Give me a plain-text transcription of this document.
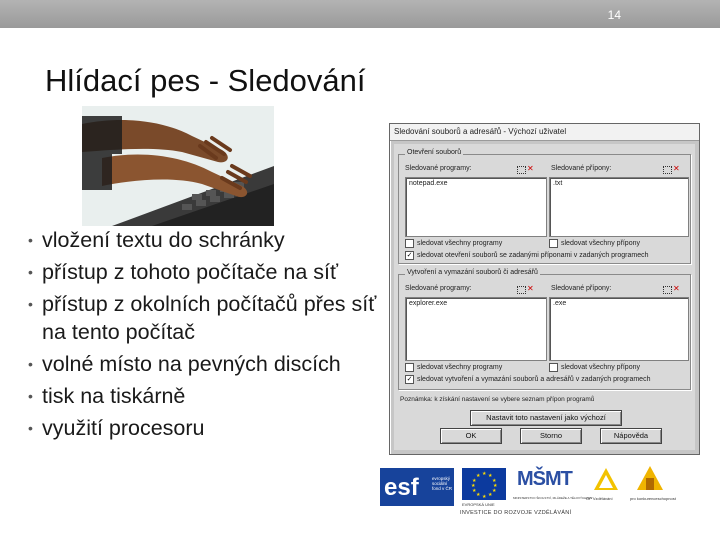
14
Hlídací pes - Sledování
• vložení textu do schránky
• přístup z tohoto počítače na síť
• přístup z okolních počítačů přes síť na tento počítač
• volné místo na pevných discích
• tisk na tiskárně
• využití procesoru
Sledování souborů a adresářů - Výchozí uživatel
Otevření souborů
Sledované programy:	✕ Sledované přípony:	✕
notepad.exe	.txt
sledovat všechny programy	sledovat všechny přípony
✓ sledovat otevření souborů se zadanými příponami v zadaných programech
Vytvoření a vymazání souborů či adresářů
Sledované programy:	✕ Sledované přípony:	✕
explorer.exe	.exe
sledovat všechny programy	sledovat všechny přípony
✓ sledovat vytvoření a vymazání souborů a adresářů v zadaných programech
Poznámka: k získání nastavení se vybere seznam přípon programů
Nastavit toto nastavení jako výchozí
OK	Storno	Nápověda
esf	evropský sociální fond v ČR
★ ★
★
★
★
★
★
★
★
★
★
★
EVROPSKÁ UNIE
MŠMT
MINISTERSTVO ŠKOLSTVÍ, MLÁDEŽE A TĚLOVÝCHOVY
OP Vzdělávání	pro konkurenceschopnost
INVESTICE DO ROZVOJE VZDĚLÁVÁNÍ
